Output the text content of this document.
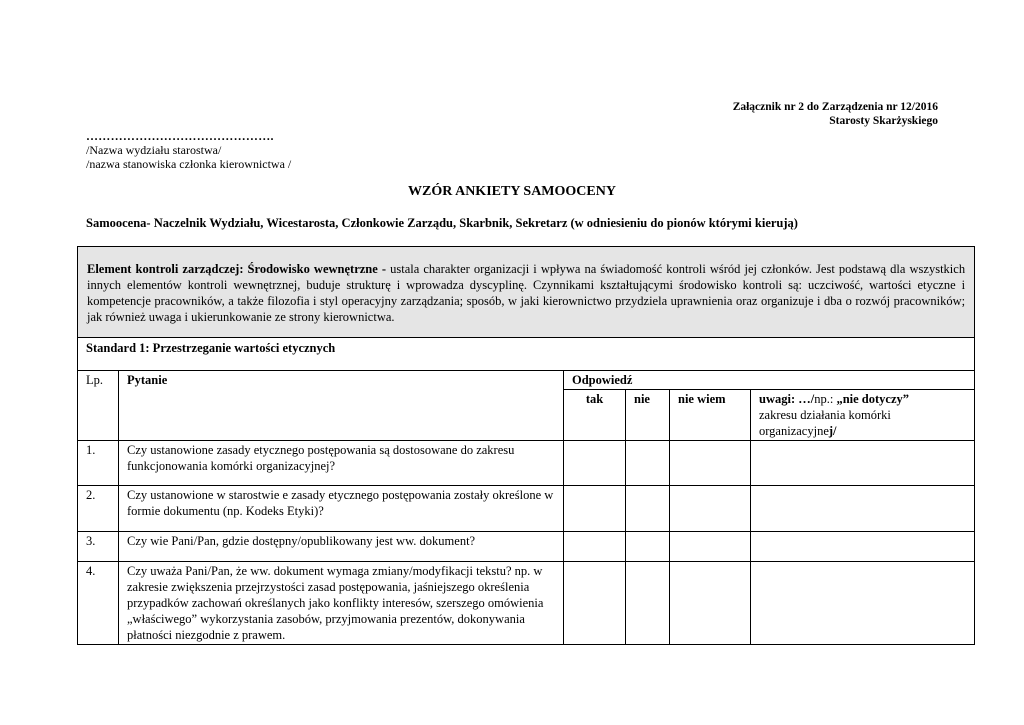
Załącznik nr 2 do Zarządzenia nr 12/2016
Starosty Skarżyskiego
……………………………………….
/Nazwa wydziału starostwa/
/nazwa stanowiska członka kierownictwa /
WZÓR ANKIETY SAMOOCENY
Samoocena- Naczelnik Wydziału, Wicestarosta, Członkowie Zarządu, Skarbnik, Sekretarz (w odniesieniu do pionów którymi kierują)
Element kontroli zarządczej: Środowisko wewnętrzne - ustala charakter organizacji i wpływa na świadomość kontroli wśród jej członków. Jest podstawą dla wszystkich innych elementów kontroli wewnętrznej, buduje strukturę i wprowadza dyscyplinę. Czynnikami kształtującymi środowisko kontroli są: uczciwość, wartości etyczne i kompetencje pracowników, a także filozofia i styl operacyjny zarządzania; sposób, w jaki kierownictwo przydziela uprawnienia oraz organizuje i dba o rozwój pracowników; jak również uwaga i ukierunkowanie ze strony kierownictwa.					
Standard 1: Przestrzeganie wartości etycznych					
Lp.	Pytanie	Odpowiedź			
		tak	nie	nie wiem	uwagi: …/np.: „nie dotyczy”
zakresu działania komórki organizacyjnej/
1.	Czy ustanowione zasady etycznego postępowania są dostosowane do zakresu funkcjonowania komórki organizacyjnej?				
2.	Czy ustanowione w starostwie e zasady etycznego postępowania zostały określone w formie dokumentu (np. Kodeks Etyki)?				
3.	Czy wie Pani/Pan, gdzie dostępny/opublikowany jest ww. dokument?				
4.	Czy uważa Pani/Pan, że ww. dokument wymaga zmiany/modyfikacji tekstu? np. w zakresie zwiększenia przejrzystości zasad postępowania, jaśniejszego określenia przypadków zachowań określanych jako konflikty interesów, szerszego omówienia „właściwego” wykorzystania zasobów, przyjmowania prezentów, dokonywania płatności niezgodnie z prawem.				
